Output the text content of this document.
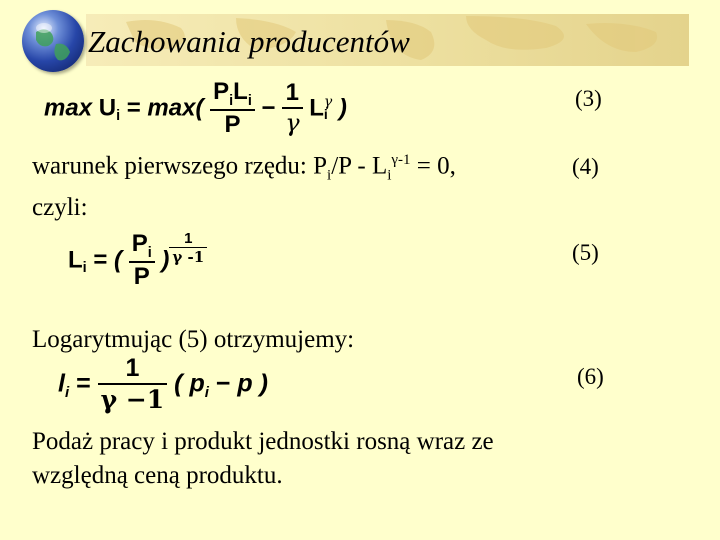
Zachowania producentów
$\max U_i = \max( \frac{P_iL_i}{P} - \frac{1}{\gamma}$ L γ
i )	(3)
warunek pierwszego rzędu: $P_i/P - L_i^{\gamma-1} = 0$,	(4)
czyli:
$L_i$ = ( $\frac{P_i}{P}$ ) $\frac{1}{\gamma -1}$	(5)
Logarytmując (5) otrzymujemy:
$l_i = \frac{1}{\gamma -1}$ ( $p_i - p$ )	(6)
Podaż pracy i produkt jednostki rosną wraz ze
względną ceną produktu.
